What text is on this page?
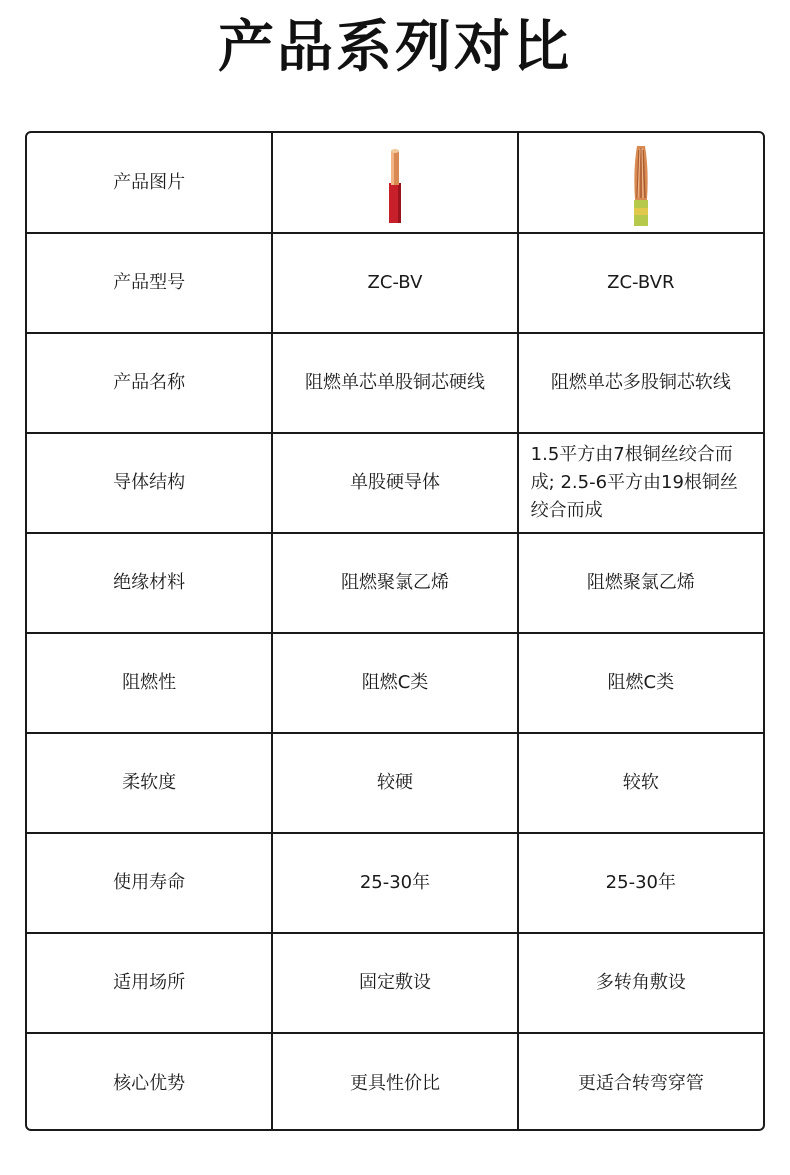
产品系列对比
产品图片	

产品型号	ZC-BV	ZC-BVR
产品名称	阻燃单芯单股铜芯硬线	阻燃单芯多股铜芯软线
导体结构	单股硬导体	1.5平方由7根铜丝绞合而成; 2.5-6平方由19根铜丝绞合而成
绝缘材料	阻燃聚氯乙烯	阻燃聚氯乙烯
阻燃性	阻燃C类	阻燃C类
柔软度	较硬	较软
使用寿命	25-30年	25-30年
适用场所	固定敷设	多转角敷设
核心优势	更具性价比	更适合转弯穿管
